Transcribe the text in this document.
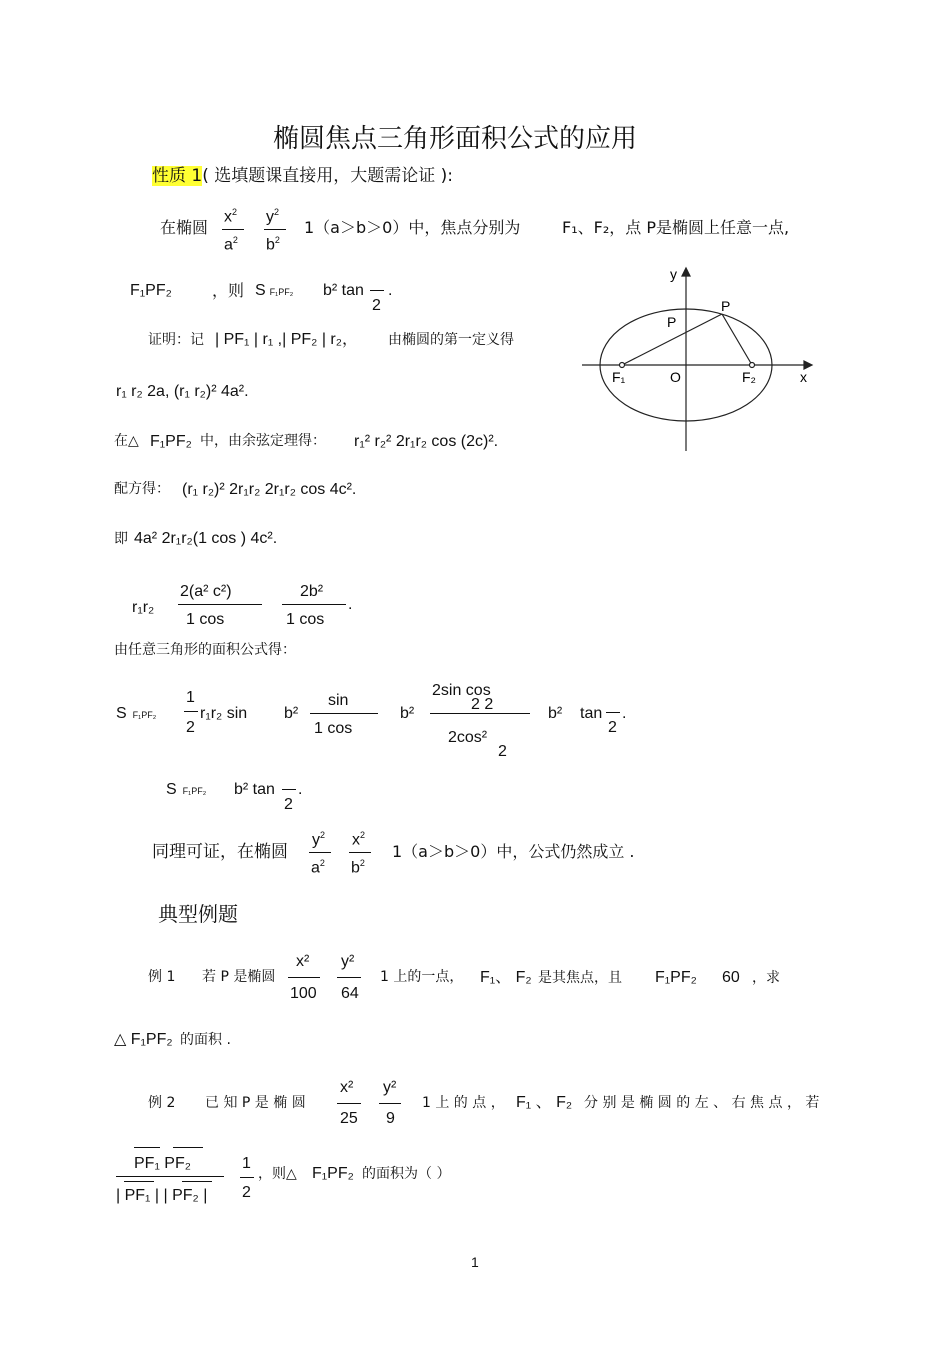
椭圆焦点三角形面积公式的应用
性质 1( 选填题课直接用，大题需论证 ):
在椭圆
$x^2$
$a^2$
$y^2$
$b^2$
1（a＞b＞0）中，焦点分别为	F₁、F₂，点 P是椭圆上任意一点,
F₁PF₂	，则 S F₁PF₂ b² tan
2
.
证明：记 | PF₁ | r₁ ,| PF₂ | r₂， 由椭圆的第一定义得
r₁ r₂ 2a, (r₁ r₂)² 4a².
在△ F₁PF₂ 中，由余弦定理得： r₁² r₂² 2r₁r₂ cos (2c)².
配方得： (r₁ r₂)² 2r₁r₂ 2r₁r₂ cos 4c².
即 4a² 2r₁r₂(1 cos ) 4c².
r₁r₂
2(a² c²)
1 cos
2b²
1 cos
.
由任意三角形的面积公式得：
S F₁PF₂
1
2
r₁r₂ sin b²
sin
1 cos
b²
2sin cos
2 2
2cos²
2
b² tan
2
.
S F₁PF₂ b² tan
2
.
同理可证，在椭圆
$y^2$
$a^2$
$x^2$
$b^2$
1（a＞b＞0）中，公式仍然成立 .
典型例题
例 1 若 P 是椭圆
x²
100
y²
64
1 上的一点， F₁、 F₂ 是其焦点，且 F₁PF₂ 60 ，求
△ F₁PF₂ 的面积 .
例 2 已 知 P 是 椭 圆
x²
25
y²
9
1 上 的 点 ， F₁ 、 F₂ 分 别 是 椭 圆 的 左 、 右 焦 点 ， 若
PF₁ PF₂
| PF₁ | | PF₂ |
1
2
，则△ F₁PF₂ 的面积为（ ）
1
y
x
O
F₁	F₂
P
P
